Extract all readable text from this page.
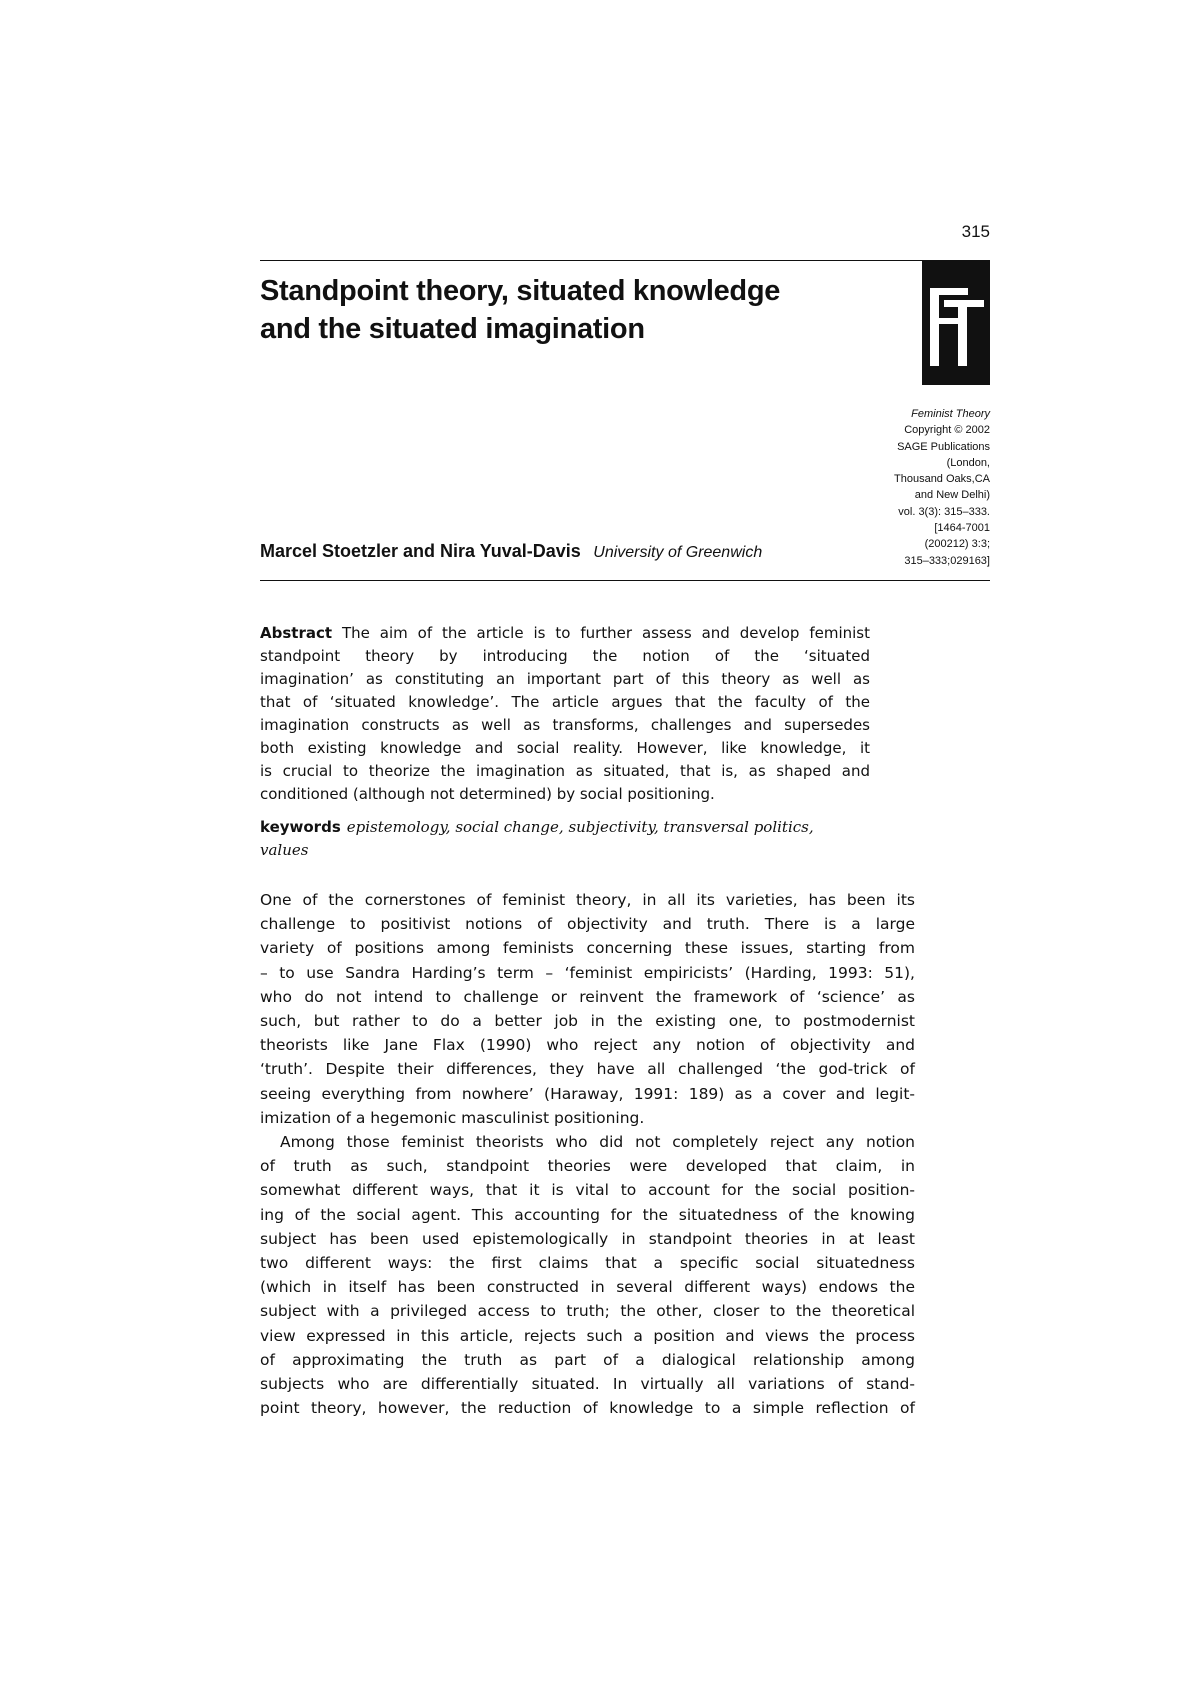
315
Standpoint theory, situated knowledge
and the situated imagination
Feminist Theory
Copyright © 2002
SAGE Publications
(London,
Thousand Oaks,CA
and New Delhi)
vol. 3(3): 315–333.
[1464-7001
(200212) 3:3;
315–333;029163]
Marcel Stoetzler and Nira Yuval-Davis University of Greenwich

Abstract The aim of the article is to further assess and develop feminist
standpoint theory by introducing the notion of the ‘situated
imagination’ as constituting an important part of this theory as well as
that of ‘situated knowledge’. The article argues that the faculty of the
imagination constructs as well as transforms, challenges and supersedes
both existing knowledge and social reality. However, like knowledge, it
is crucial to theorize the imagination as situated, that is, as shaped and
conditioned (although not determined) by social positioning.

keywords epistemology, social change, subjectivity, transversal politics,
values

One of the cornerstones of feminist theory, in all its varieties, has been its
challenge to positivist notions of objectivity and truth. There is a large
variety of positions among feminists concerning these issues, starting from
– to use Sandra Harding’s term – ‘feminist empiricists’ (Harding, 1993: 51),
who do not intend to challenge or reinvent the framework of ‘science’ as
such, but rather to do a better job in the existing one, to postmodernist
theorists like Jane Flax (1990) who reject any notion of objectivity and
‘truth’. Despite their differences, they have all challenged ‘the god-trick of
seeing everything from nowhere’ (Haraway, 1991: 189) as a cover and legit-
imization of a hegemonic masculinist positioning.

Among those feminist theorists who did not completely reject any notion
of truth as such, standpoint theories were developed that claim, in
somewhat different ways, that it is vital to account for the social position-
ing of the social agent. This accounting for the situatedness of the knowing
subject has been used epistemologically in standpoint theories in at least
two different ways: the first claims that a specific social situatedness
(which in itself has been constructed in several different ways) endows the
subject with a privileged access to truth; the other, closer to the theoretical
view expressed in this article, rejects such a position and views the process
of approximating the truth as part of a dialogical relationship among
subjects who are differentially situated. In virtually all variations of stand-
point theory, however, the reduction of knowledge to a simple reflection of
